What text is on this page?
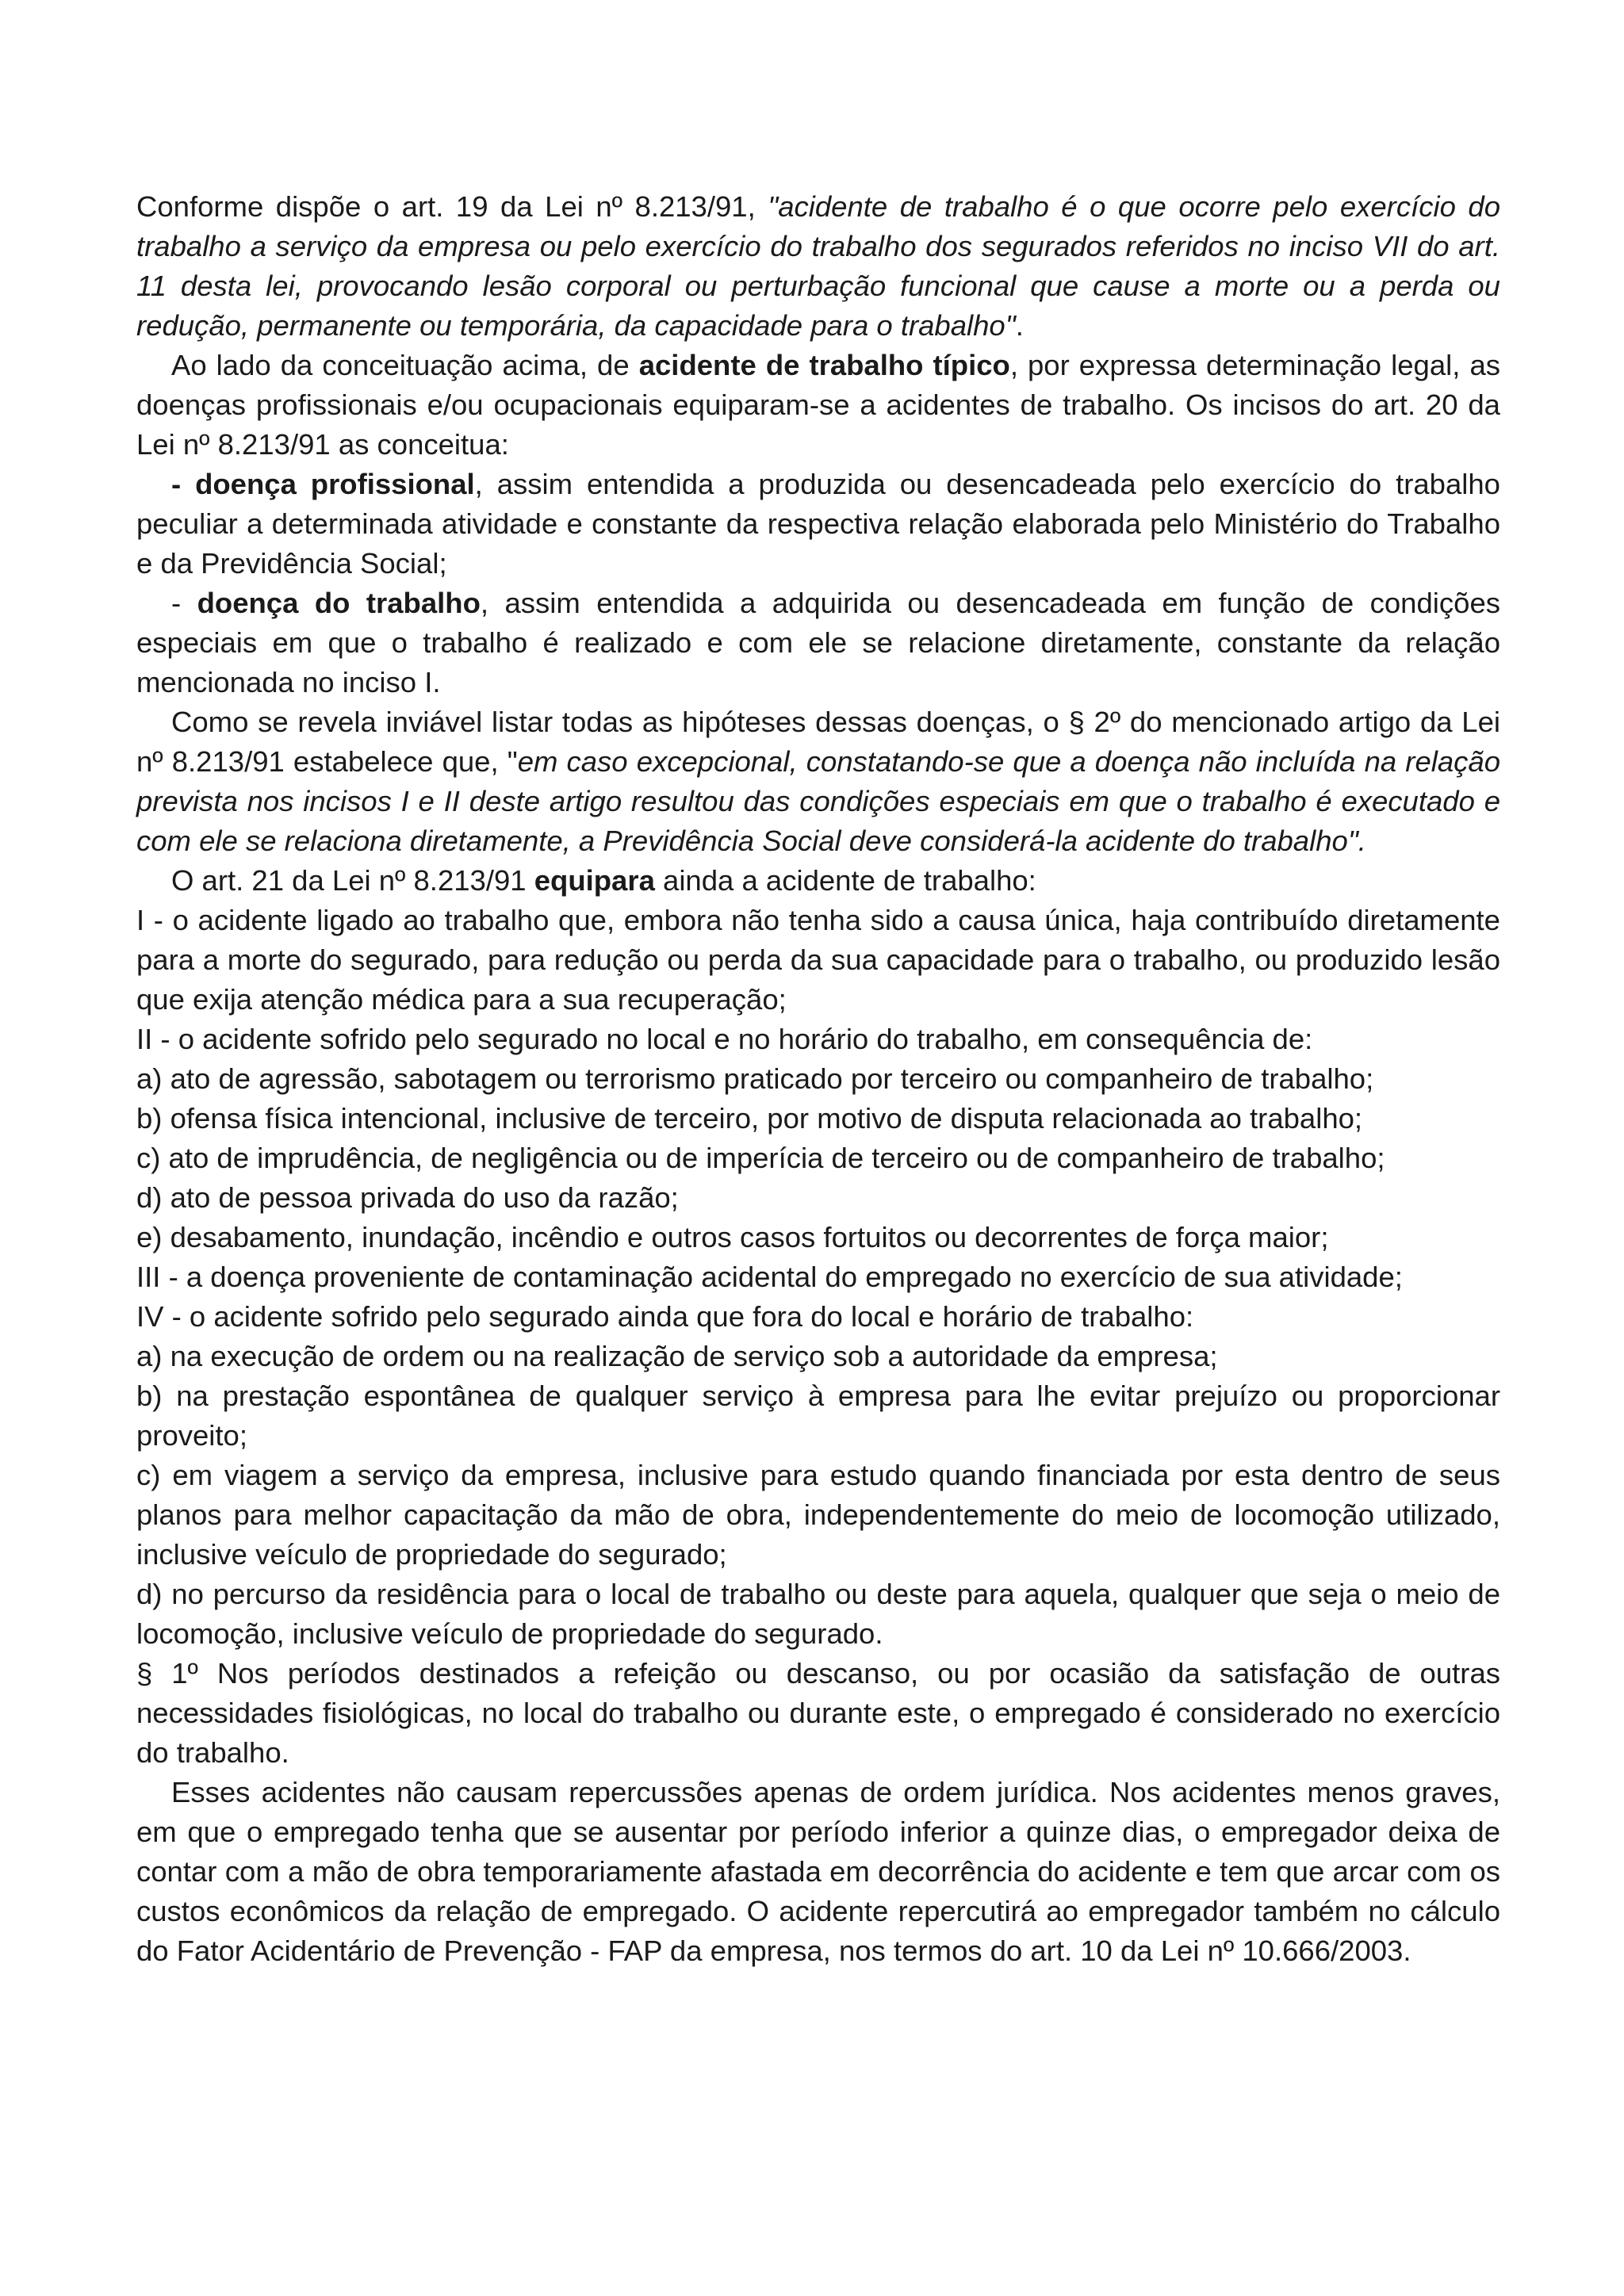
Conforme dispõe o art. 19 da Lei nº 8.213/91, "acidente de trabalho é o que ocorre pelo exercício do trabalho a serviço da empresa ou pelo exercício do trabalho dos segurados referidos no inciso VII do art. 11 desta lei, provocando lesão corporal ou perturbação funcional que cause a morte ou a perda ou redução, permanente ou temporária, da capacidade para o trabalho".

Ao lado da conceituação acima, de acidente de trabalho típico, por expressa determinação legal, as doenças profissionais e/ou ocupacionais equiparam-se a acidentes de trabalho. Os incisos do art. 20 da Lei nº 8.213/91 as conceitua:

- doença profissional, assim entendida a produzida ou desencadeada pelo exercício do trabalho peculiar a determinada atividade e constante da respectiva relação elaborada pelo Ministério do Trabalho e da Previdência Social;

- doença do trabalho, assim entendida a adquirida ou desencadeada em função de condições especiais em que o trabalho é realizado e com ele se relacione diretamente, constante da relação mencionada no inciso I.

Como se revela inviável listar todas as hipóteses dessas doenças, o § 2º do mencionado artigo da Lei nº 8.213/91 estabelece que, "em caso excepcional, constatando-se que a doença não incluída na relação prevista nos incisos I e II deste artigo resultou das condições especiais em que o trabalho é executado e com ele se relaciona diretamente, a Previdência Social deve considerá-la acidente do trabalho".

O art. 21 da Lei nº 8.213/91 equipara ainda a acidente de trabalho:

I - o acidente ligado ao trabalho que, embora não tenha sido a causa única, haja contribuído diretamente para a morte do segurado, para redução ou perda da sua capacidade para o trabalho, ou produzido lesão que exija atenção médica para a sua recuperação;

II - o acidente sofrido pelo segurado no local e no horário do trabalho, em consequência de:

a) ato de agressão, sabotagem ou terrorismo praticado por terceiro ou companheiro de trabalho;

b) ofensa física intencional, inclusive de terceiro, por motivo de disputa relacionada ao trabalho;

c) ato de imprudência, de negligência ou de imperícia de terceiro ou de companheiro de trabalho;

d) ato de pessoa privada do uso da razão;

e) desabamento, inundação, incêndio e outros casos fortuitos ou decorrentes de força maior;

III - a doença proveniente de contaminação acidental do empregado no exercício de sua atividade;

IV - o acidente sofrido pelo segurado ainda que fora do local e horário de trabalho:

a) na execução de ordem ou na realização de serviço sob a autoridade da empresa;

b) na prestação espontânea de qualquer serviço à empresa para lhe evitar prejuízo ou proporcionar proveito;

c) em viagem a serviço da empresa, inclusive para estudo quando financiada por esta dentro de seus planos para melhor capacitação da mão de obra, independentemente do meio de locomoção utilizado, inclusive veículo de propriedade do segurado;

d) no percurso da residência para o local de trabalho ou deste para aquela, qualquer que seja o meio de locomoção, inclusive veículo de propriedade do segurado.

§ 1º Nos períodos destinados a refeição ou descanso, ou por ocasião da satisfação de outras necessidades fisiológicas, no local do trabalho ou durante este, o empregado é considerado no exercício do trabalho.

Esses acidentes não causam repercussões apenas de ordem jurídica. Nos acidentes menos graves, em que o empregado tenha que se ausentar por período inferior a quinze dias, o empregador deixa de contar com a mão de obra temporariamente afastada em decorrência do acidente e tem que arcar com os custos econômicos da relação de empregado. O acidente repercutirá ao empregador também no cálculo do Fator Acidentário de Prevenção - FAP da empresa, nos termos do art. 10 da Lei nº 10.666/2003.
